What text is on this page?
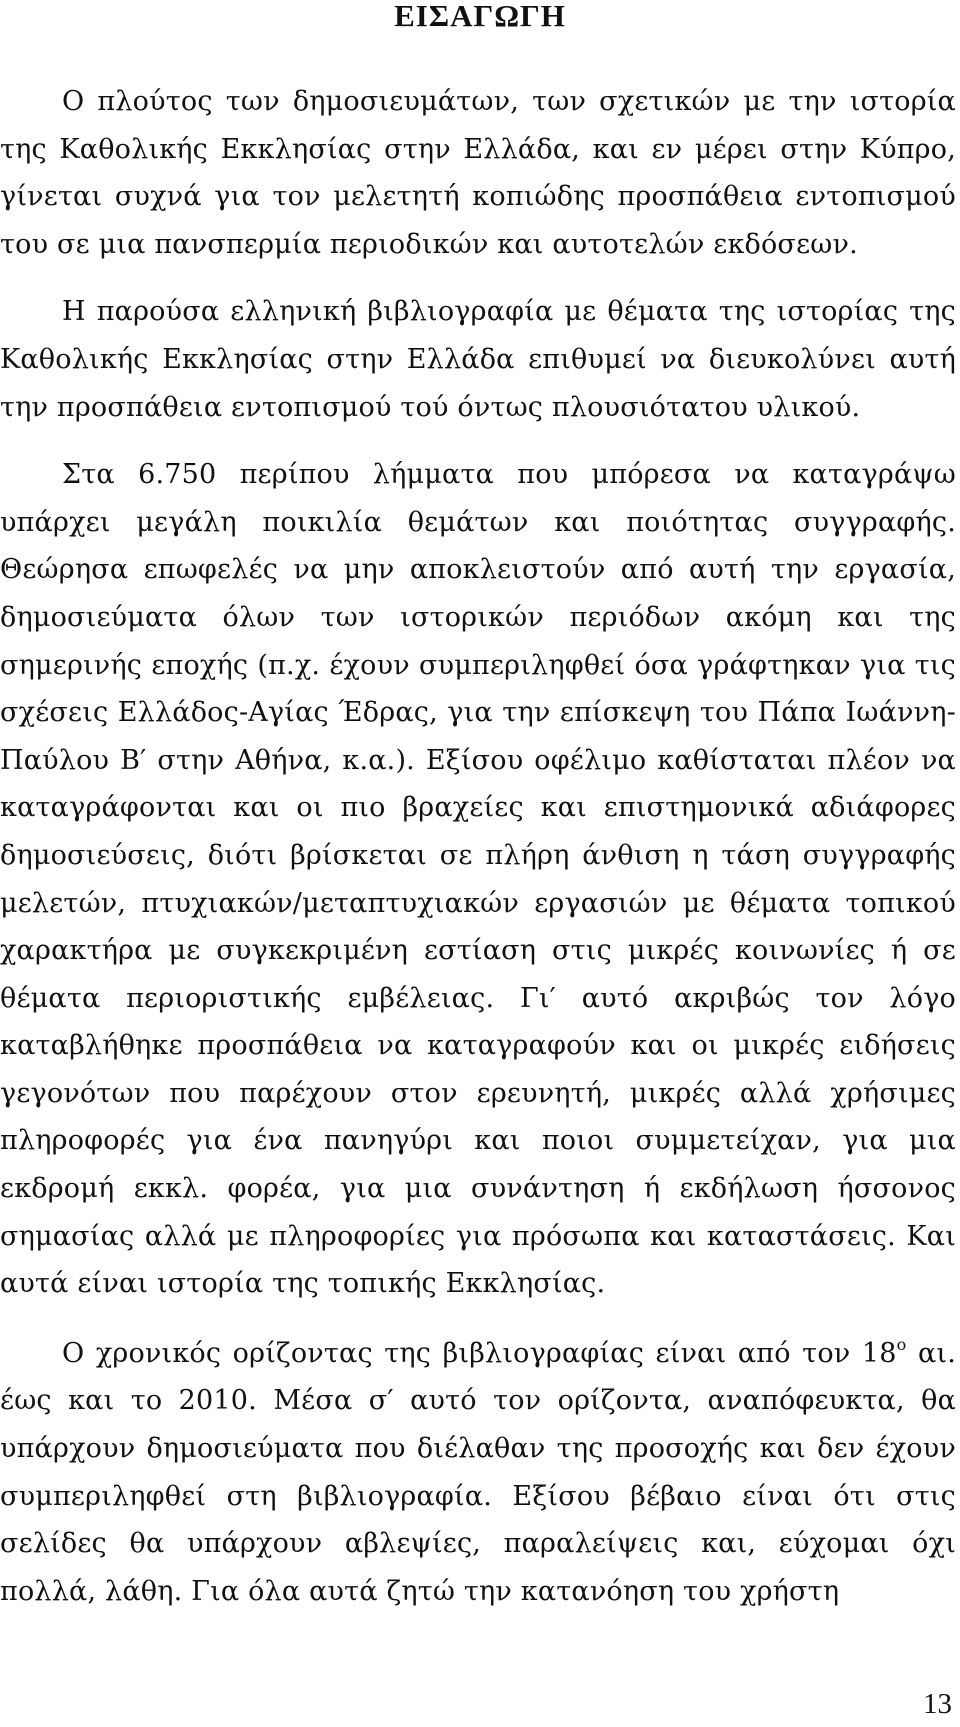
ΕΙΣΑΓΩΓΗ

Ο πλούτος των δημοσιευμάτων, των σχετικών με την ιστορία της Καθολικής Εκκλησίας στην Ελλάδα, και εν μέρει στην Κύπρο, γίνεται συχνά για τον μελετητή κοπιώδης προσπάθεια εντοπισμού του σε μια πανσπερμία περιοδικών και αυτοτελών εκδόσεων.

Η παρούσα ελληνική βιβλιογραφία με θέματα της ιστορίας της Καθολικής Εκκλησίας στην Ελλάδα επιθυμεί να διευκολύνει αυτή την προσπάθεια εντοπισμού τού όντως πλουσιότατου υλικού.

Στα 6.750 περίπου λήμματα που μπόρεσα να καταγράψω υπάρχει μεγάλη ποικιλία θεμάτων και ποιότητας συγγραφής. Θεώρησα επωφελές να μην αποκλειστούν από αυτή την εργασία, δημοσιεύματα όλων των ιστορικών περιόδων ακόμη και της σημερινής εποχής (π.χ. έχουν συμπεριληφθεί όσα γράφτηκαν για τις σχέσεις Ελλάδος-Αγίας Έδρας, για την επίσκεψη του Πάπα Ιωάννη-Παύλου Β′ στην Αθήνα, κ.α.). Εξίσου οφέλιμο καθίσταται πλέον να καταγράφονται και οι πιο βραχείες και επιστημονικά αδιάφορες δημοσιεύσεις, διότι βρίσκεται σε πλήρη άνθιση η τάση συγγραφής μελετών, πτυχιακών/μεταπτυχιακών εργασιών με θέματα τοπικού χαρακτήρα με συγκεκριμένη εστίαση στις μικρές κοινωνίες ή σε θέματα περιοριστικής εμβέλειας. Γι′ αυτό ακριβώς τον λόγο καταβλήθηκε προσπάθεια να καταγραφούν και οι μικρές ειδήσεις γεγονότων που παρέχουν στον ερευνητή, μικρές αλλά χρήσιμες πληροφορές για ένα πανηγύρι και ποιοι συμμετείχαν, για μια εκδρομή εκκλ. φορέα, για μια συνάντηση ή εκδήλωση ήσσονος σημασίας αλλά με πληροφορίες για πρόσωπα και καταστάσεις. Και αυτά είναι ιστορία της τοπικής Εκκλησίας.

Ο χρονικός ορίζοντας της βιβλιογραφίας είναι από τον $18^o$ αι. έως και το 2010. Μέσα σ′ αυτό τον ορίζοντα, αναπόφευκτα, θα υπάρχουν δημοσιεύματα που διέλαθαν της προσοχής και δεν έχουν συμπεριληφθεί στη βιβλιογραφία. Εξίσου βέβαιο είναι ότι στις σελίδες θα υπάρχουν αβλεψίες, παραλείψεις και, εύχομαι όχι πολλά, λάθη. Για όλα αυτά ζητώ την κατανόηση του χρήστη

13
